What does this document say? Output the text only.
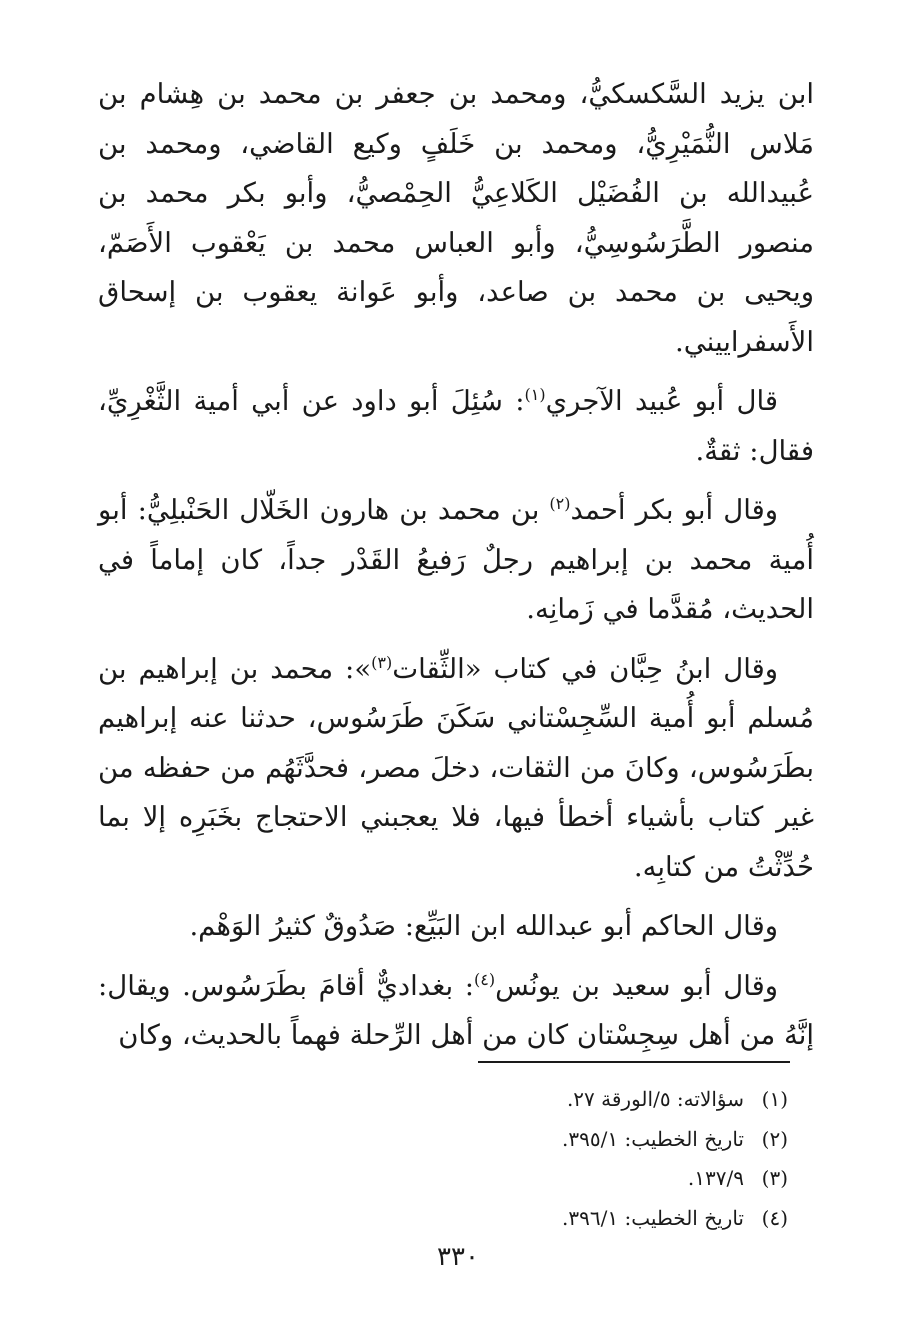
ابن يزيد السَّكسكيُّ، ومحمد بن جعفر بن محمد بن هِشام بن مَلاس النُّمَيْرِيُّ، ومحمد بن خَلَفٍ وكيع القاضي، ومحمد بن عُبيدالله بن الفُضَيْل الكَلاعِيُّ الحِمْصيُّ، وأبو بكر محمد بن منصور الطَّرَسُوسِيُّ، وأبو العباس محمد بن يَعْقوب الأَصَمّ، ويحيى بن محمد بن صاعد، وأبو عَوانة يعقوب بن إسحاق الأَسفراييني.

قال أبو عُبيد الآجري$^{(١)}$: سُئِلَ أبو داود عن أبي أمية الثَّغْرِيِّ، فقال: ثقةٌ.

وقال أبو بكر أحمد$^{(٢)}$ بن محمد بن هارون الخَلّال الحَنْبلِيُّ: أبو أُمية محمد بن إبراهيم رجلٌ رَفيعُ القَدْر جداً، كان إماماً في الحديث، مُقدَّما في زَمانِه.

وقال ابنُ حِبَّان في كتاب «الثِّقات$^{(٣)}$»: محمد بن إبراهيم بن مُسلم أبو أُمية السِّجِسْتاني سَكَنَ طَرَسُوس، حدثنا عنه إبراهيم بطَرَسُوس، وكانَ من الثقات، دخلَ مصر، فحدَّثَهُم من حفظه من غير كتاب بأشياء أخطأ فيها، فلا يعجبني الاحتجاج بخَبَرِه إلا بما حُدِّثْتُ من كتابِه.

وقال الحاكم أبو عبدالله ابن البَيِّع: صَدُوقٌ كثيرُ الوَهْم.

وقال أبو سعيد بن يونُس$^{(٤)}$: بغداديٌّ أقامَ بطَرَسُوس. ويقال: إنَّهُ من أهل سِجِسْتان كان من أهل الرِّحلة فهماً بالحديث، وكان

(١)
سؤالاته: ٥/الورقة ٢٧.
(٢)
تاريخ الخطيب: ٣٩٥/١.
(٣)
١٣٧/٩.
(٤)
تاريخ الخطيب: ٣٩٦/١.
٣٣٠
